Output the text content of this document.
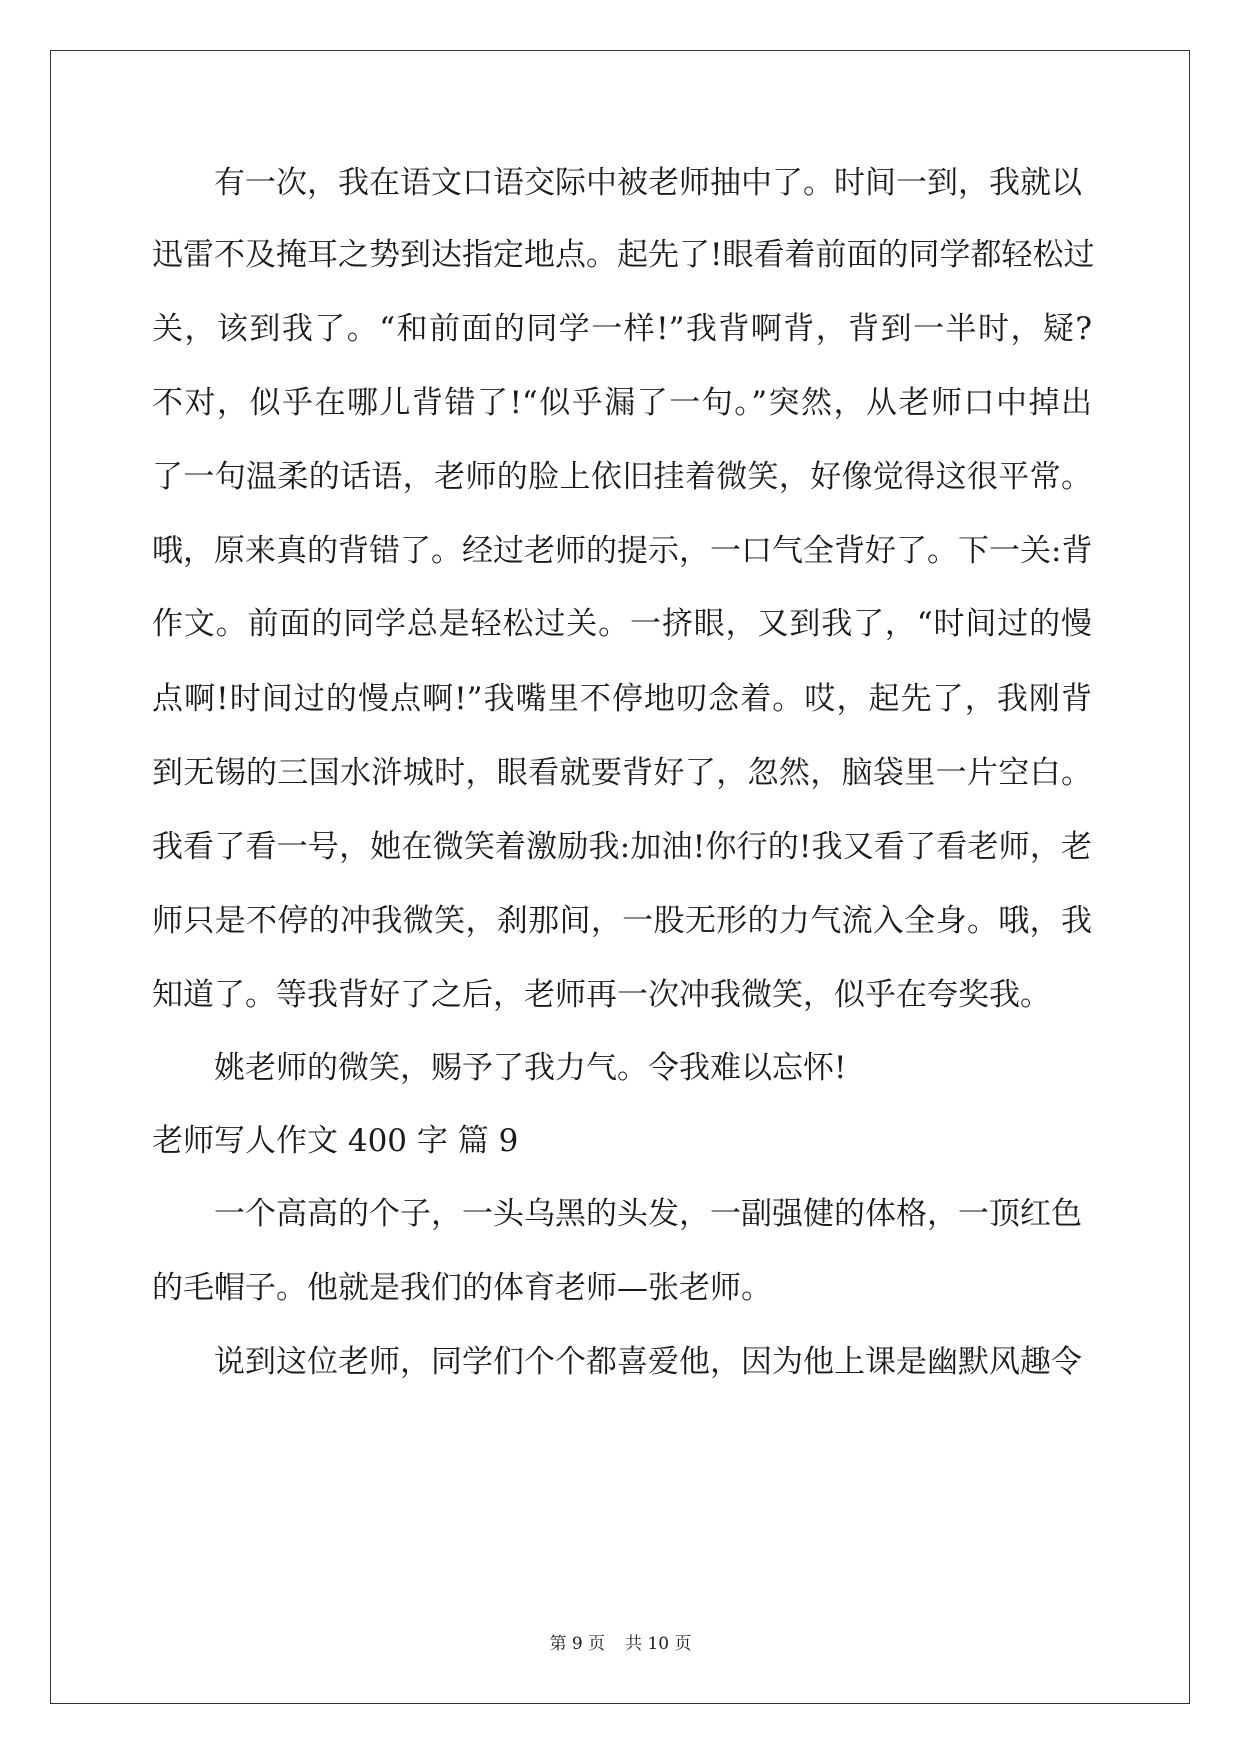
有一次，我在语文口语交际中被老师抽中了。时间一到，我就以
迅雷不及掩耳之势到达指定地点。起先了!眼看着前面的同学都轻松过
关，该到我了。“和前面的同学一样!”我背啊背，背到一半时，疑?
不对，似乎在哪儿背错了!“似乎漏了一句。”突然，从老师口中掉出
了一句温柔的话语，老师的脸上依旧挂着微笑，好像觉得这很平常。
哦，原来真的背错了。经过老师的提示，一口气全背好了。下一关:背
作文。前面的同学总是轻松过关。一挤眼，又到我了，“时间过的慢
点啊!时间过的慢点啊!”我嘴里不停地叨念着。哎，起先了，我刚背
到无锡的三国水浒城时，眼看就要背好了，忽然，脑袋里一片空白。
我看了看一号，她在微笑着激励我:加油!你行的!我又看了看老师，老
师只是不停的冲我微笑，刹那间，一股无形的力气流入全身。哦，我
知道了。等我背好了之后，老师再一次冲我微笑，似乎在夸奖我。
姚老师的微笑，赐予了我力气。令我难以忘怀!
老师写人作文 400 字 篇 9
一个高高的个子，一头乌黑的头发，一副强健的体格，一顶红色
的毛帽子。他就是我们的体育老师—张老师。
说到这位老师，同学们个个都喜爱他，因为他上课是幽默风趣令
第 9 页 共 10 页
